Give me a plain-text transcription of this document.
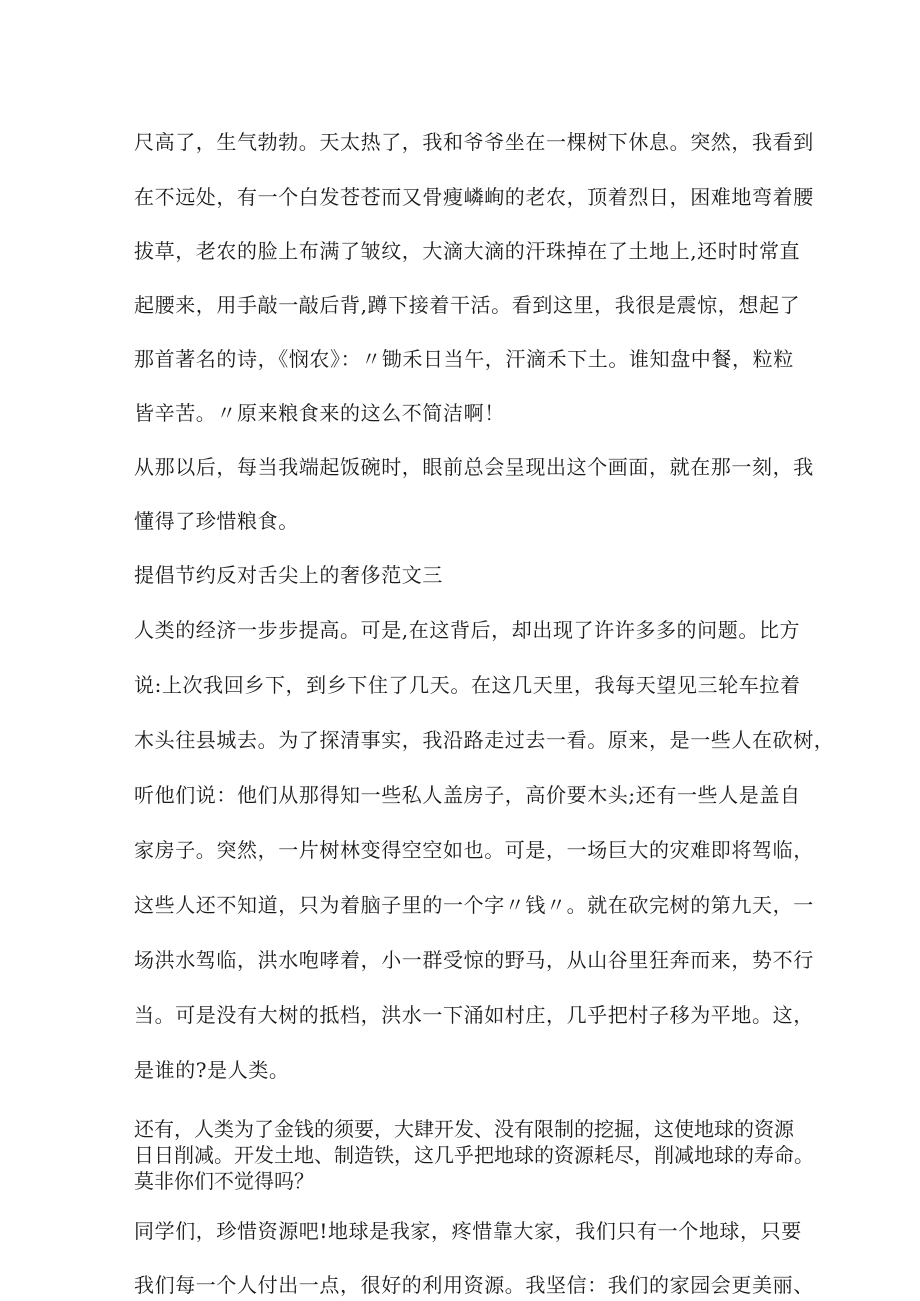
尺高了，生气勃勃。天太热了，我和爷爷坐在一棵树下休息。突然，我看到
在不远处，有一个白发苍苍而又骨瘦嶙峋的老农，顶着烈日，困难地弯着腰
拔草，老农的脸上布满了皱纹，大滴大滴的汗珠掉在了土地上,还时时常直
起腰来，用手敲一敲后背,蹲下接着干活。看到这里，我很是震惊，想起了
那首著名的诗，《悯农》：〃锄禾日当午，汗滴禾下土。谁知盘中餐，粒粒
皆辛苦。〃原来粮食来的这么不简洁啊！
从那以后，每当我端起饭碗时，眼前总会呈现出这个画面，就在那一刻，我
懂得了珍惜粮食。
提倡节约反对舌尖上的奢侈范文三
人类的经济一步步提高。可是,在这背后，却出现了许许多多的问题。比方
说:上次我回乡下，到乡下住了几天。在这几天里，我每天望见三轮车拉着
木头往县城去。为了探清事实，我沿路走过去一看。原来，是一些人在砍树，
听他们说：他们从那得知一些私人盖房子，高价要木头;还有一些人是盖自
家房子。突然，一片树林变得空空如也。可是，一场巨大的灾难即将驾临，
这些人还不知道，只为着脑子里的一个字〃钱〃。就在砍完树的第九天，一
场洪水驾临，洪水咆哮着，小一群受惊的野马，从山谷里狂奔而来，势不行
当。可是没有大树的抵档，洪水一下涌如村庄，几乎把村子移为平地。这，
是谁的?是人类。
还有，人类为了金钱的须要，大肆开发、没有限制的挖掘，这使地球的资源
日日削减。开发土地、制造铁，这几乎把地球的资源耗尽，削减地球的寿命。
莫非你们不觉得吗？
同学们，珍惜资源吧!地球是我家，疼惜靠大家，我们只有一个地球，只要
我们每一个人付出一点，很好的利用资源。我坚信：我们的家园会更美丽、
